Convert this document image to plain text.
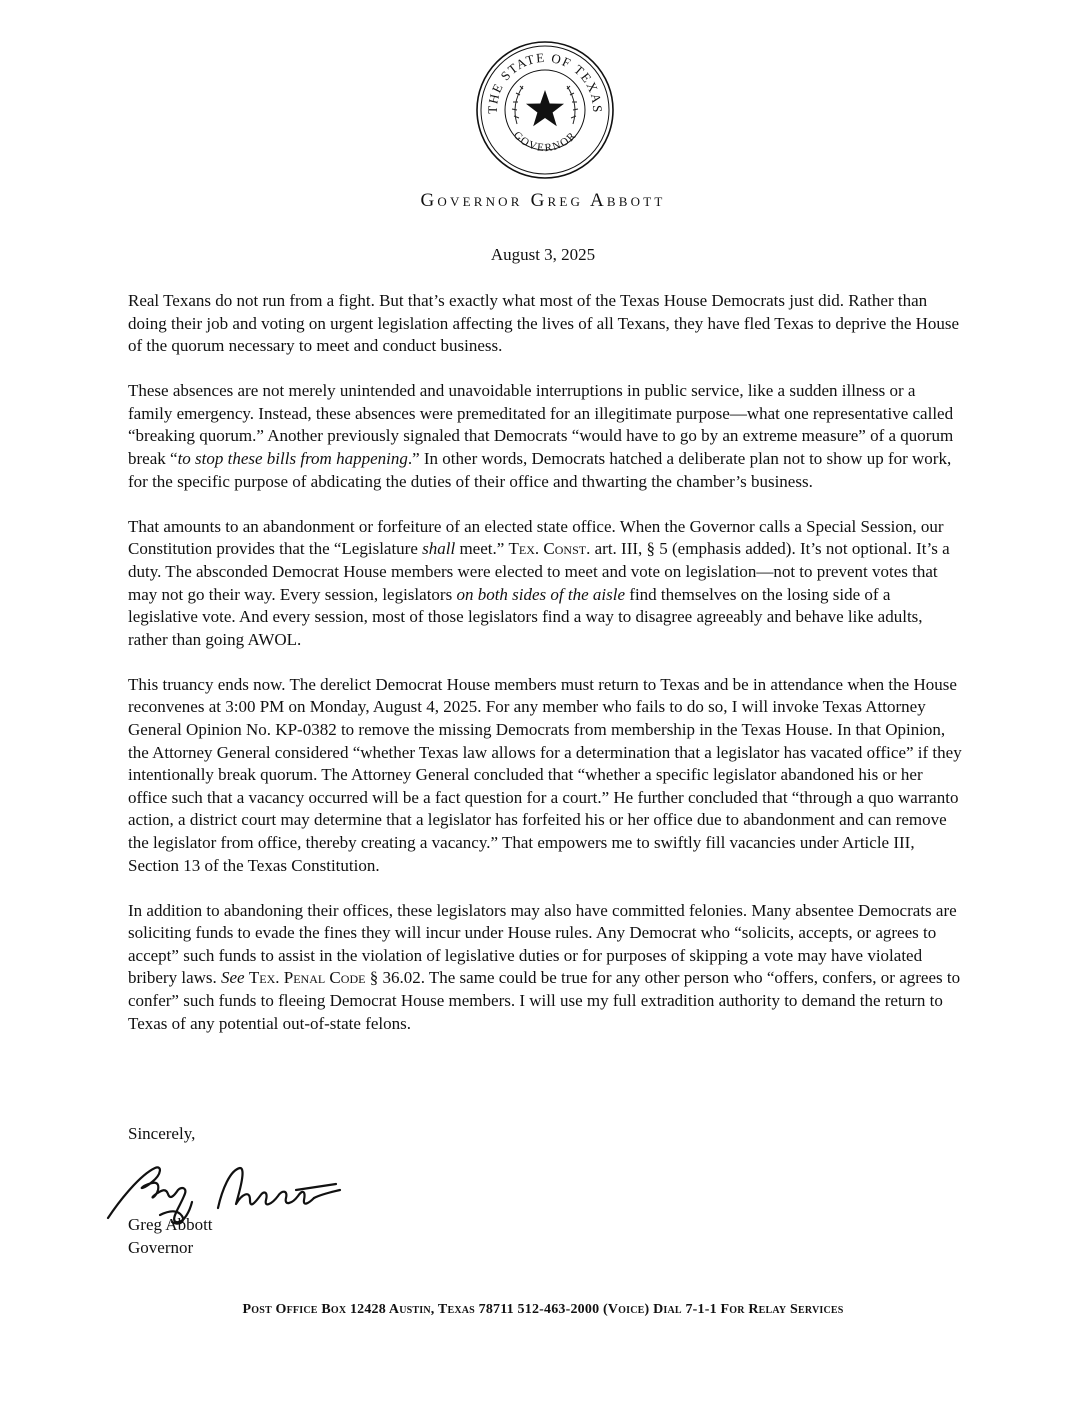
THE STATE OF TEXAS
GOVERNOR
Governor Greg Abbott
August 3, 2025

Real Texans do not run from a fight. But that’s exactly what most of the Texas House Democrats just did. Rather than doing their job and voting on urgent legislation affecting the lives of all Texans, they have fled Texas to deprive the House of the quorum necessary to meet and conduct business.

These absences are not merely unintended and unavoidable interruptions in public service, like a sudden illness or a family emergency. Instead, these absences were premeditated for an illegitimate purpose—what one representative called “breaking quorum.” Another previously signaled that Democrats “would have to go by an extreme measure” of a quorum break “to stop these bills from happening.” In other words, Democrats hatched a deliberate plan not to show up for work, for the specific purpose of abdicating the duties of their office and thwarting the chamber’s business.

That amounts to an abandonment or forfeiture of an elected state office. When the Governor calls a Special Session, our Constitution provides that the “Legislature shall meet.” Tex. Const. art. III, § 5 (emphasis added). It’s not optional. It’s a duty. The absconded Democrat House members were elected to meet and vote on legislation—not to prevent votes that may not go their way. Every session, legislators on both sides of the aisle find themselves on the losing side of a legislative vote. And every session, most of those legislators find a way to disagree agreeably and behave like adults, rather than going AWOL.

This truancy ends now. The derelict Democrat House members must return to Texas and be in attendance when the House reconvenes at 3:00 PM on Monday, August 4, 2025. For any member who fails to do so, I will invoke Texas Attorney General Opinion No. KP-0382 to remove the missing Democrats from membership in the Texas House. In that Opinion, the Attorney General considered “whether Texas law allows for a determination that a legislator has vacated office” if they intentionally break quorum. The Attorney General concluded that “whether a specific legislator abandoned his or her office such that a vacancy occurred will be a fact question for a court.” He further concluded that “through a quo warranto action, a district court may determine that a legislator has forfeited his or her office due to abandonment and can remove the legislator from office, thereby creating a vacancy.” That empowers me to swiftly fill vacancies under Article III, Section 13 of the Texas Constitution.

In addition to abandoning their offices, these legislators may also have committed felonies. Many absentee Democrats are soliciting funds to evade the fines they will incur under House rules. Any Democrat who “solicits, accepts, or agrees to accept” such funds to assist in the violation of legislative duties or for purposes of skipping a vote may have violated bribery laws. See Tex. Penal Code § 36.02. The same could be true for any other person who “offers, confers, or agrees to confer” such funds to fleeing Democrat House members. I will use my full extradition authority to demand the return to Texas of any potential out-of-state felons.

Sincerely,
Greg Abbott
Greg Abbott
Governor
Post Office Box 12428 Austin, Texas 78711 512-463-2000 (Voice) Dial 7-1-1 For Relay Services
